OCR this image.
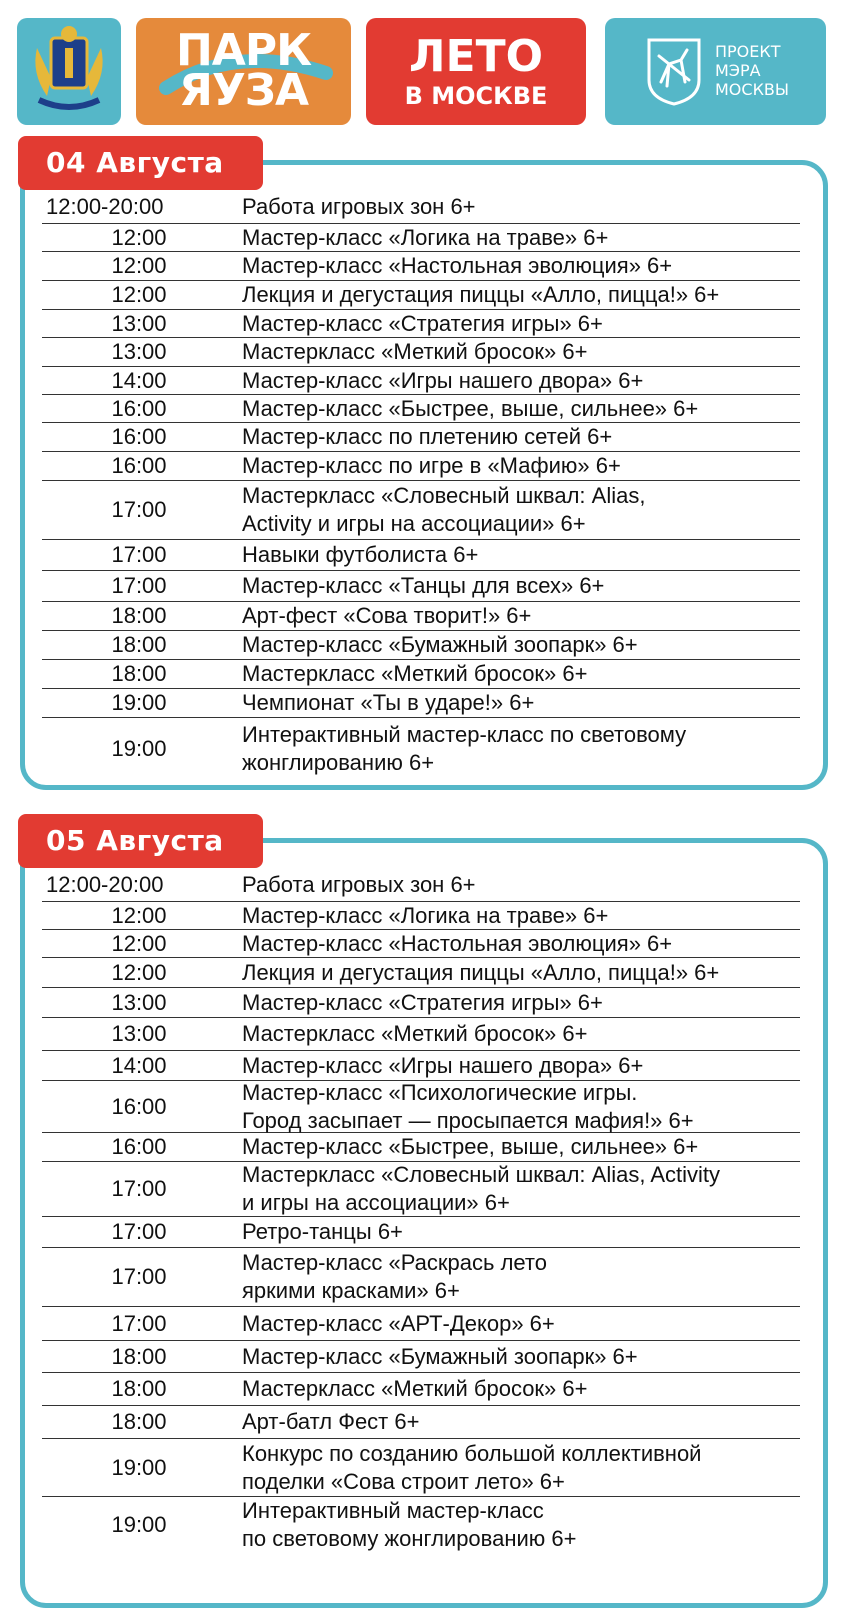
ПАРК
ЯУЗА
ЛЕТО
В МОСКВЕ
ПРОЕКТ
МЭРА
МОСКВЫ
04 Августа
12:00-20:00	Работа игровых зон 6+
12:00	Мастер-класс «Логика на траве» 6+
12:00	Мастер-класс «Настольная эволюция» 6+
12:00	Лекция и дегустация пиццы «Алло, пицца!» 6+
13:00	Мастер-класс «Стратегия игры» 6+
13:00	Мастеркласс «Меткий бросок» 6+
14:00	Мастер-класс «Игры нашего двора» 6+
16:00	Мастер-класс «Быстрее, выше, сильнее» 6+
16:00	Мастер-класс по плетению сетей 6+
16:00	Мастер-класс по игре в «Мафию» 6+
17:00
Мастеркласс «Словесный шквал: Alias,
Activity и игры на ассоциации» 6+
17:00	Навыки футболиста 6+
17:00	Мастер-класс «Танцы для всех» 6+
18:00	Арт-фест «Сова творит!» 6+
18:00	Мастер-класс «Бумажный зоопарк» 6+
18:00	Мастеркласс «Меткий бросок» 6+
19:00	Чемпионат «Ты в ударе!» 6+
19:00
Интерактивный мастер-класс по световому
жонглированию 6+
05 Августа
12:00-20:00	Работа игровых зон 6+
12:00	Мастер-класс «Логика на траве» 6+
12:00	Мастер-класс «Настольная эволюция» 6+
12:00	Лекция и дегустация пиццы «Алло, пицца!» 6+
13:00	Мастер-класс «Стратегия игры» 6+
13:00	Мастеркласс «Меткий бросок» 6+
14:00	Мастер-класс «Игры нашего двора» 6+
16:00
Мастер-класс «Психологические игры.
Город засыпает — просыпается мафия!» 6+
16:00	Мастер-класс «Быстрее, выше, сильнее» 6+
17:00
Мастеркласс «Словесный шквал: Alias, Activity
и игры на ассоциации» 6+
17:00	Ретро-танцы 6+
17:00
Мастер-класс «Раскрась лето
яркими красками» 6+
17:00	Мастер-класс «АРТ-Декор» 6+
18:00	Мастер-класс «Бумажный зоопарк» 6+
18:00	Мастеркласс «Меткий бросок» 6+
18:00	Арт-батл Фест 6+
19:00
Конкурс по созданию большой коллективной
поделки «Сова строит лето» 6+
19:00
Интерактивный мастер-класс
по световому жонглированию 6+
